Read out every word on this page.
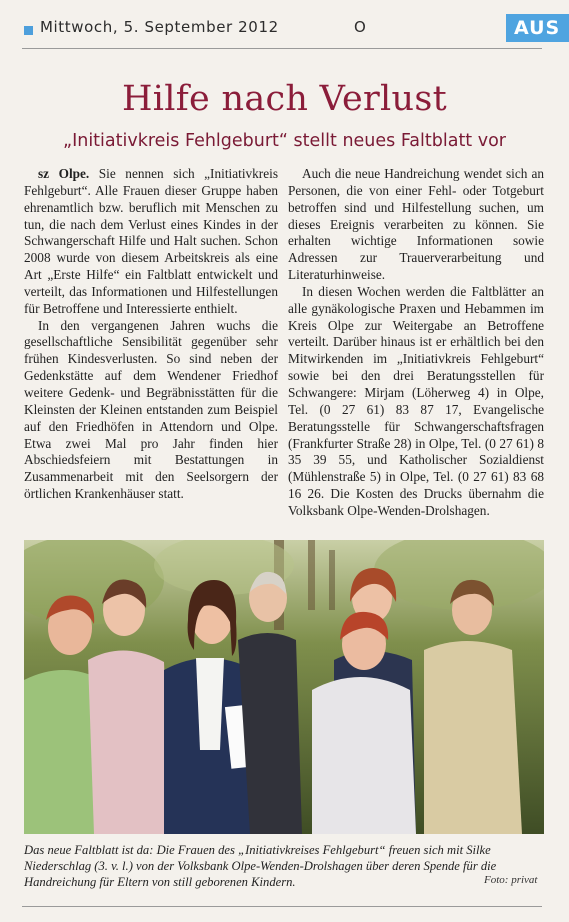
Mittwoch, 5. September 2012	O	AUS
Hilfe nach Verlust
„Initiativkreis Fehlgeburt“ stellt neues Faltblatt vor

sz Olpe. Sie nennen sich „Initiativkreis Fehlgeburt“. Alle Frauen dieser Gruppe haben ehrenamtlich bzw. beruflich mit Menschen zu tun, die nach dem Verlust eines Kindes in der Schwangerschaft Hilfe und Halt suchen. Schon 2008 wurde von diesem Arbeitskreis als eine Art „Erste Hilfe“ ein Faltblatt entwickelt und verteilt, das Informationen und Hilfestellungen für Betroffene und Interessierte enthielt.

In den vergangenen Jahren wuchs die gesellschaftliche Sensibilität gegenüber sehr frühen Kindesverlusten. So sind neben der Gedenkstätte auf dem Wendener Friedhof weitere Gedenk- und Begräbnisstätten für die Kleinsten der Kleinen entstanden zum Beispiel auf den Friedhöfen in Attendorn und Olpe. Etwa zwei Mal pro Jahr finden hier Abschiedsfeiern mit Bestattungen in Zusammenarbeit mit den Seelsorgern der örtlichen Krankenhäuser statt.

Auch die neue Handreichung wendet sich an Personen, die von einer Fehl- oder Totgeburt betroffen sind und Hilfestellung suchen, um dieses Ereignis verarbeiten zu können. Sie erhalten wichtige Informationen sowie Adressen zur Trauerverarbeitung und Literaturhinweise.

In diesen Wochen werden die Faltblätter an alle gynäkologische Praxen und Hebammen im Kreis Olpe zur Weitergabe an Betroffene verteilt. Darüber hinaus ist er erhältlich bei den Mitwirkenden im „Initiativkreis Fehlgeburt“ sowie bei den drei Beratungsstellen für Schwangere: Mirjam (Löherweg 4) in Olpe, Tel. (0 27 61) 83 87 17, Evangelische Beratungsstelle für Schwangerschaftsfragen (Frankfurter Straße 28) in Olpe, Tel. (0 27 61) 8 35 39 55, und Katholischer Sozialdienst (Mühlenstraße 5) in Olpe, Tel. (0 27 61) 83 68 16 26. Die Kosten des Drucks übernahm die Volksbank Olpe-Wenden-Drolshagen.

Das neue Faltblatt ist da: Die Frauen des „Initiativkreises Fehlgeburt“ freuen sich mit Silke Niederschlag (3. v. l.) von der Volksbank Olpe-Wenden-Drolshagen über deren Spende für die Handreichung für Eltern von still geborenen Kindern.	Foto: privat
